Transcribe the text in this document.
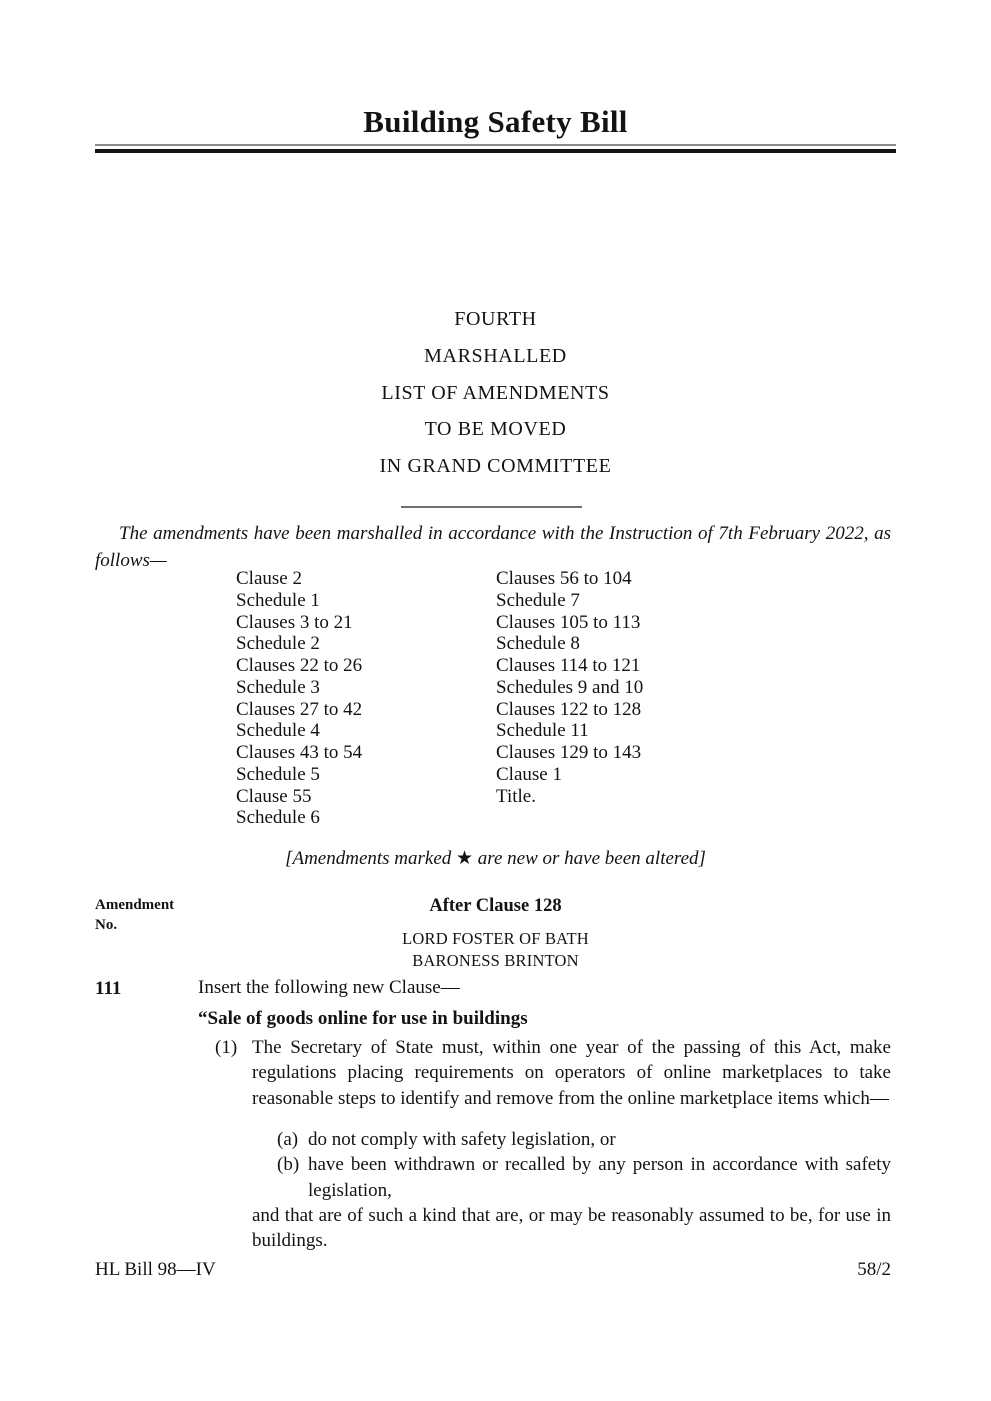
Building Safety Bill
FOURTH
MARSHALLED
LIST OF AMENDMENTS
TO BE MOVED
IN GRAND COMMITTEE
The amendments have been marshalled in accordance with the Instruction of 7th February 2022, as follows—
Clause 2
Schedule 1
Clauses 3 to 21
Schedule 2
Clauses 22 to 26
Schedule 3
Clauses 27 to 42
Schedule 4
Clauses 43 to 54
Schedule 5
Clause 55
Schedule 6
Clauses 56 to 104
Schedule 7
Clauses 105 to 113
Schedule 8
Clauses 114 to 121
Schedules 9 and 10
Clauses 122 to 128
Schedule 11
Clauses 129 to 143
Clause 1
Title.
[Amendments marked ★ are new or have been altered]
Amendment
No.
After Clause 128
LORD FOSTER OF BATH
BARONESS BRINTON
111	Insert the following new Clause—
“Sale of goods online for use in buildings
(1) The Secretary of State must, within one year of the passing of this Act, make regulations placing requirements on operators of online marketplaces to take reasonable steps to identify and remove from the online marketplace items which—
(a) do not comply with safety legislation, or
(b) have been withdrawn or recalled by any person in accordance with safety legislation,
and that are of such a kind that are, or may be reasonably assumed to be, for use in buildings.
HL Bill 98—IV	58/2
